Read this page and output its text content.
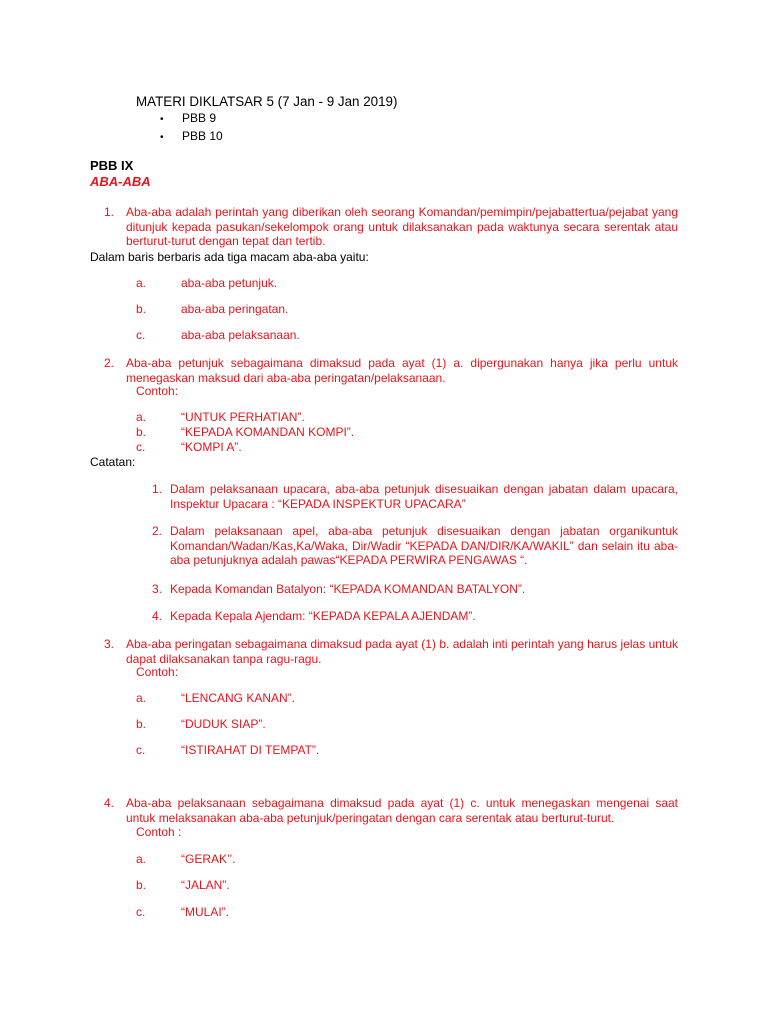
MATERI DIKLATSAR 5 (7 Jan - 9 Jan 2019)
• PBB 9
• PBB 10
PBB IX
ABA-ABA
1. Aba-aba adalah perintah yang diberikan oleh seorang Komandan/pemimpin/pejabattertua/pejabat yang ditunjuk kepada pasukan/sekelompok orang untuk dilaksanakan pada waktunya secara serentak atau berturut-turut dengan tepat dan tertib.
Dalam baris berbaris ada tiga macam aba-aba yaitu:
a.	aba-aba petunjuk.
b.	aba-aba peringatan.
c.	aba-aba pelaksanaan.
2. Aba-aba petunjuk sebagaimana dimaksud pada ayat (1) a. dipergunakan hanya jika perlu untuk menegaskan maksud dari aba-aba peringatan/pelaksanaan.
Contoh:
a.	“UNTUK PERHATIAN”.
b.	“KEPADA KOMANDAN KOMPI”.
c.	“KOMPI A”.
Catatan:
1. Dalam pelaksanaan upacara, aba-aba petunjuk disesuaikan dengan jabatan dalam upacara, Inspektur Upacara : “KEPADA INSPEKTUR UPACARA”
2. Dalam pelaksanaan apel, aba-aba petunjuk disesuaikan dengan jabatan organikuntuk Komandan/Wadan/Kas,Ka/Waka, Dir/Wadir “KEPADA DAN/DIR/KA/WAKIL” dan selain itu aba-aba petunjuknya adalah pawas“KEPADA PERWIRA PENGAWAS “.
3. Kepada Komandan Batalyon: “KEPADA KOMANDAN BATALYON”.
4. Kepada Kepala Ajendam: “KEPADA KEPALA AJENDAM”.
3. Aba-aba peringatan sebagaimana dimaksud pada ayat (1) b. adalah inti perintah yang harus jelas untuk dapat dilaksanakan tanpa ragu-ragu.
Contoh:
a.	“LENCANG KANAN”.
b.	“DUDUK SIAP”.
c.	“ISTIRAHAT DI TEMPAT”.
4. Aba-aba pelaksanaan sebagaimana dimaksud pada ayat (1) c. untuk menegaskan mengenai saat untuk melaksanakan aba-aba petunjuk/peringatan dengan cara serentak atau berturut-turut.
Contoh :
a.	“GERAK’’.
b.	“JALAN”.
c.	“MULAI”.
